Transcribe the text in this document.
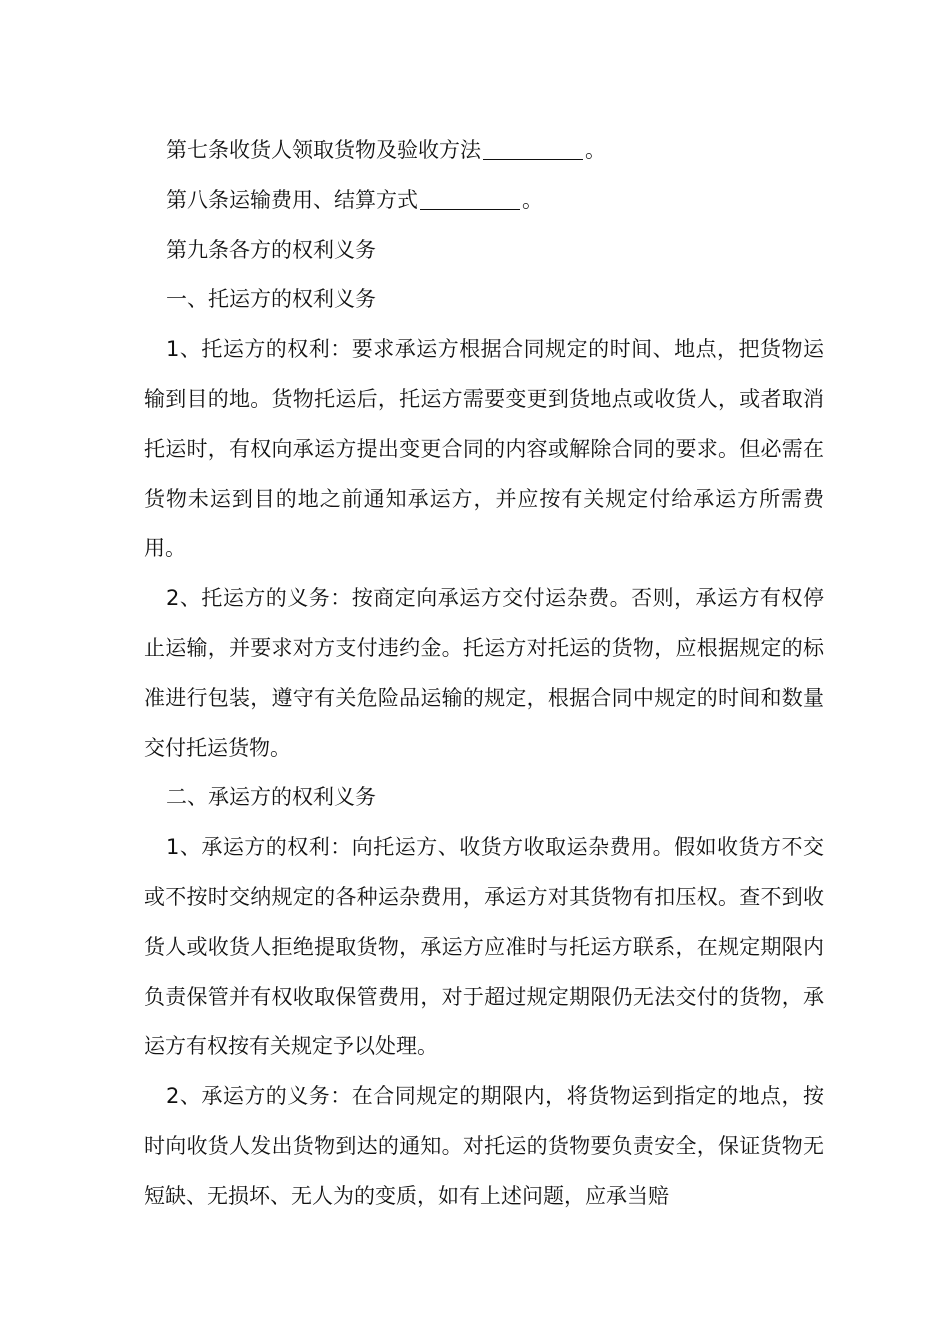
第七条收货人领取货物及验收方法	。

第八条运输费用、结算方式	。

第九条各方的权利义务

一、托运方的权利义务

1、托运方的权利：要求承运方根据合同规定的时间、地点，把货物运输到目的地。货物托运后，托运方需要变更到货地点或收货人，或者取消托运时，有权向承运方提出变更合同的内容或解除合同的要求。但必需在货物未运到目的地之前通知承运方，并应按有关规定付给承运方所需费用。

2、托运方的义务：按商定向承运方交付运杂费。否则，承运方有权停止运输，并要求对方支付违约金。托运方对托运的货物，应根据规定的标准进行包装，遵守有关危险品运输的规定，根据合同中规定的时间和数量交付托运货物。

二、承运方的权利义务

1、承运方的权利：向托运方、收货方收取运杂费用。假如收货方不交或不按时交纳规定的各种运杂费用，承运方对其货物有扣压权。查不到收货人或收货人拒绝提取货物，承运方应准时与托运方联系，在规定期限内负责保管并有权收取保管费用，对于超过规定期限仍无法交付的货物，承运方有权按有关规定予以处理。

2、承运方的义务：在合同规定的期限内，将货物运到指定的地点，按时向收货人发出货物到达的通知。对托运的货物要负责安全，保证货物无短缺、无损坏、无人为的变质，如有上述问题，应承当赔
